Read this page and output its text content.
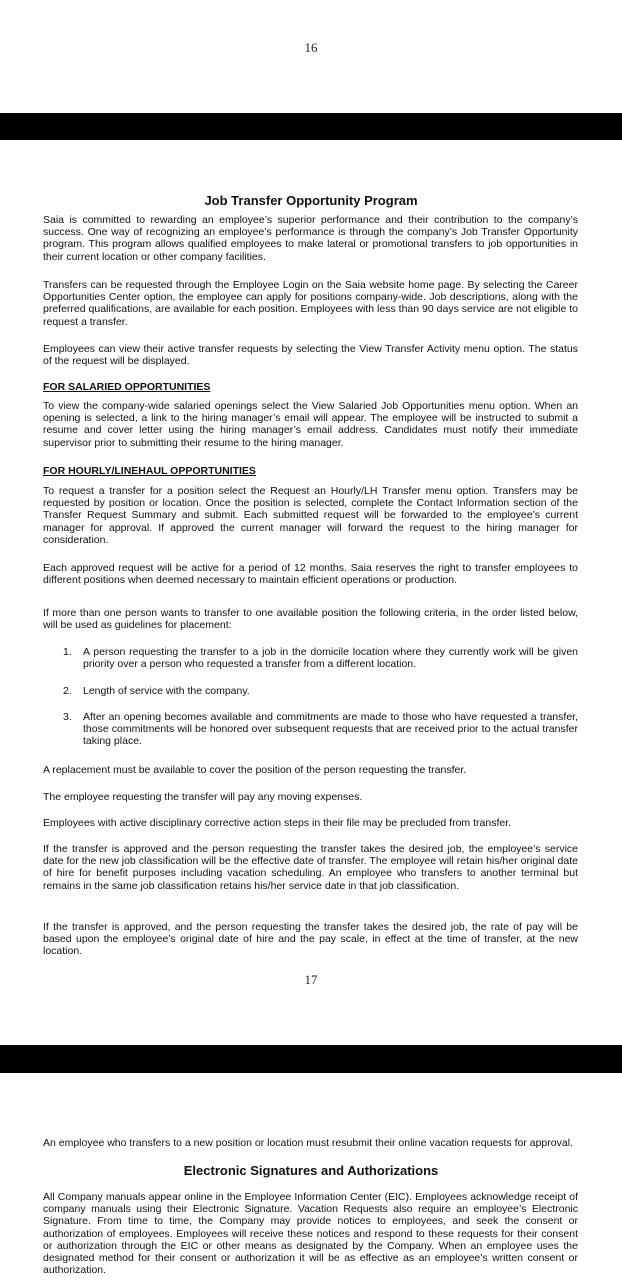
16
Job Transfer Opportunity Program

Saia is committed to rewarding an employee’s superior performance and their contribution to the company’s success. One way of recognizing an employee’s performance is through the company’s Job Transfer Opportunity program. This program allows qualified employees to make lateral or promotional transfers to job opportunities in their current location or other company facilities.

Transfers can be requested through the Employee Login on the Saia website home page. By selecting the Career Opportunities Center option, the employee can apply for positions company-wide. Job descriptions, along with the preferred qualifications, are available for each position. Employees with less than 90 days service are not eligible to request a transfer.

Employees can view their active transfer requests by selecting the View Transfer Activity menu option. The status of the request will be displayed.

FOR SALARIED OPPORTUNITIES

To view the company-wide salaried openings select the View Salaried Job Opportunities menu option. When an opening is selected, a link to the hiring manager’s email will appear. The employee will be instructed to submit a resume and cover letter using the hiring manager’s email address. Candidates must notify their immediate supervisor prior to submitting their resume to the hiring manager.

FOR HOURLY/LINEHAUL OPPORTUNITIES

To request a transfer for a position select the Request an Hourly/LH Transfer menu option. Transfers may be requested by position or location. Once the position is selected, complete the Contact Information section of the Transfer Request Summary and submit. Each submitted request will be forwarded to the employee’s current manager for approval. If approved the current manager will forward the request to the hiring manager for consideration.

Each approved request will be active for a period of 12 months. Saia reserves the right to transfer employees to different positions when deemed necessary to maintain efficient operations or production.

If more than one person wants to transfer to one available position the following criteria, in the order listed below, will be used as guidelines for placement:

1. A person requesting the transfer to a job in the domicile location where they currently work will be given priority over a person who requested a transfer from a different location.
2. Length of service with the company.
3. After an opening becomes available and commitments are made to those who have requested a transfer, those commitments will be honored over subsequent requests that are received prior to the actual transfer taking place.

A replacement must be available to cover the position of the person requesting the transfer.

The employee requesting the transfer will pay any moving expenses.

Employees with active disciplinary corrective action steps in their file may be precluded from transfer.

If the transfer is approved and the person requesting the transfer takes the desired job, the employee’s service date for the new job classification will be the effective date of transfer. The employee will retain his/her original date of hire for benefit purposes including vacation scheduling. An employee who transfers to another terminal but remains in the same job classification retains his/her service date in that job classification.

If the transfer is approved, and the person requesting the transfer takes the desired job, the rate of pay will be based upon the employee’s original date of hire and the pay scale, in effect at the time of transfer, at the new location.

17

An employee who transfers to a new position or location must resubmit their online vacation requests for approval.

Electronic Signatures and Authorizations

All Company manuals appear online in the Employee Information Center (EIC). Employees acknowledge receipt of company manuals using their Electronic Signature. Vacation Requests also require an employee’s Electronic Signature. From time to time, the Company may provide notices to employees, and seek the consent or authorization of employees. Employees will receive these notices and respond to these requests for their consent or authorization through the EIC or other means as designated by the Company. When an employee uses the designated method for their consent or authorization it will be as effective as an employee’s written consent or authorization.
